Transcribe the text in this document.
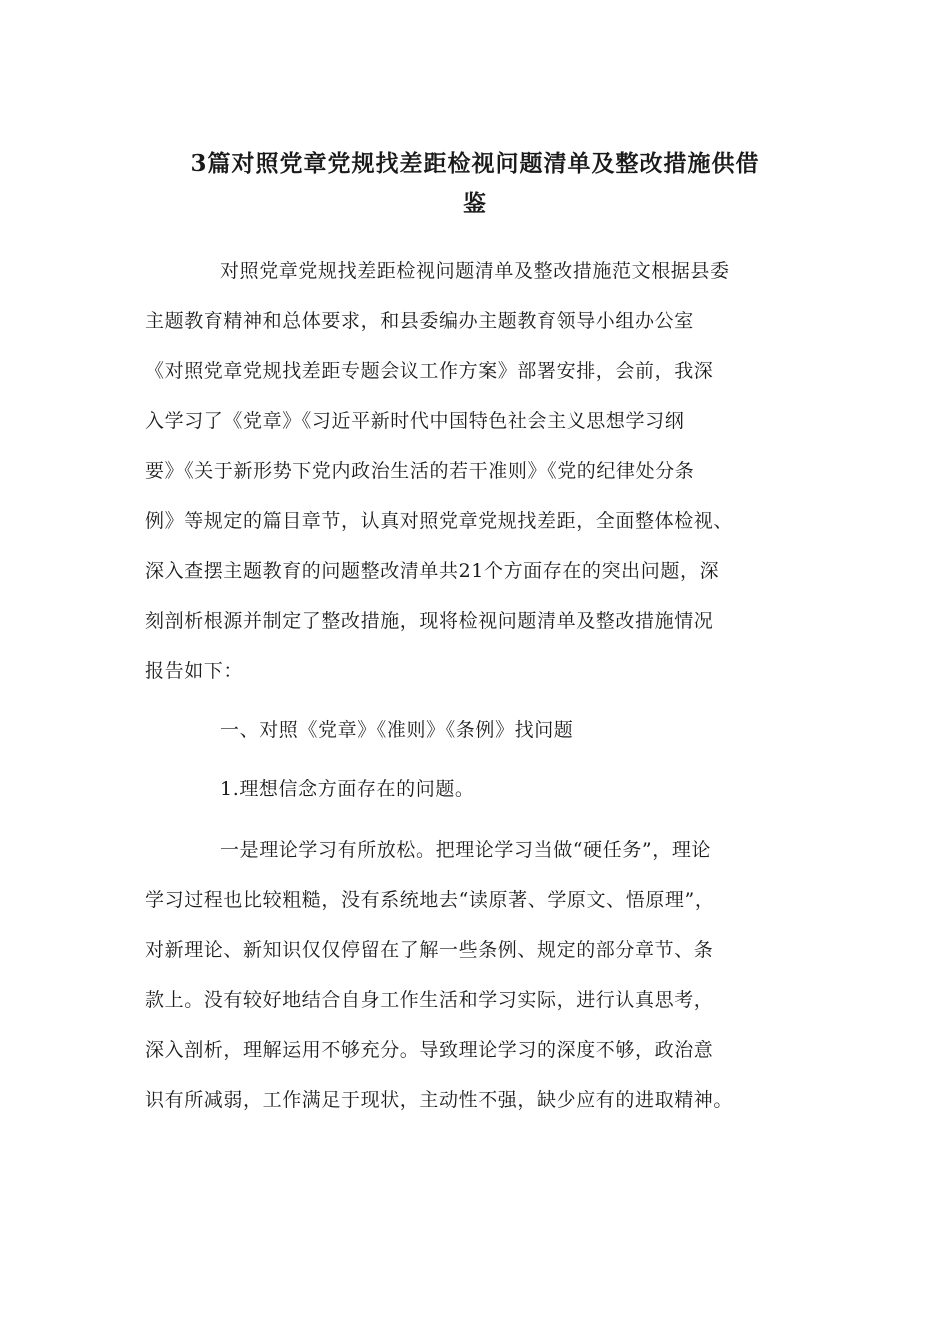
3篇对照党章党规找差距检视问题清单及整改措施供借
鉴
对照党章党规找差距检视问题清单及整改措施范文根据县委
主题教育精神和总体要求，和县委编办主题教育领导小组办公室
《对照党章党规找差距专题会议工作方案》部署安排，会前，我深
入学习了《党章》《习近平新时代中国特色社会主义思想学习纲
要》《关于新形势下党内政治生活的若干准则》《党的纪律处分条
例》等规定的篇目章节，认真对照党章党规找差距，全面整体检视、
深入查摆主题教育的问题整改清单共21个方面存在的突出问题，深
刻剖析根源并制定了整改措施，现将检视问题清单及整改措施情况
报告如下：
一、对照《党章》《准则》《条例》找问题
1.理想信念方面存在的问题。
一是理论学习有所放松。把理论学习当做“硬任务”，理论
学习过程也比较粗糙，没有系统地去“读原著、学原文、悟原理”，
对新理论、新知识仅仅停留在了解一些条例、规定的部分章节、条
款上。没有较好地结合自身工作生活和学习实际，进行认真思考，
深入剖析，理解运用不够充分。导致理论学习的深度不够，政治意
识有所减弱，工作满足于现状，主动性不强，缺少应有的进取精神。
